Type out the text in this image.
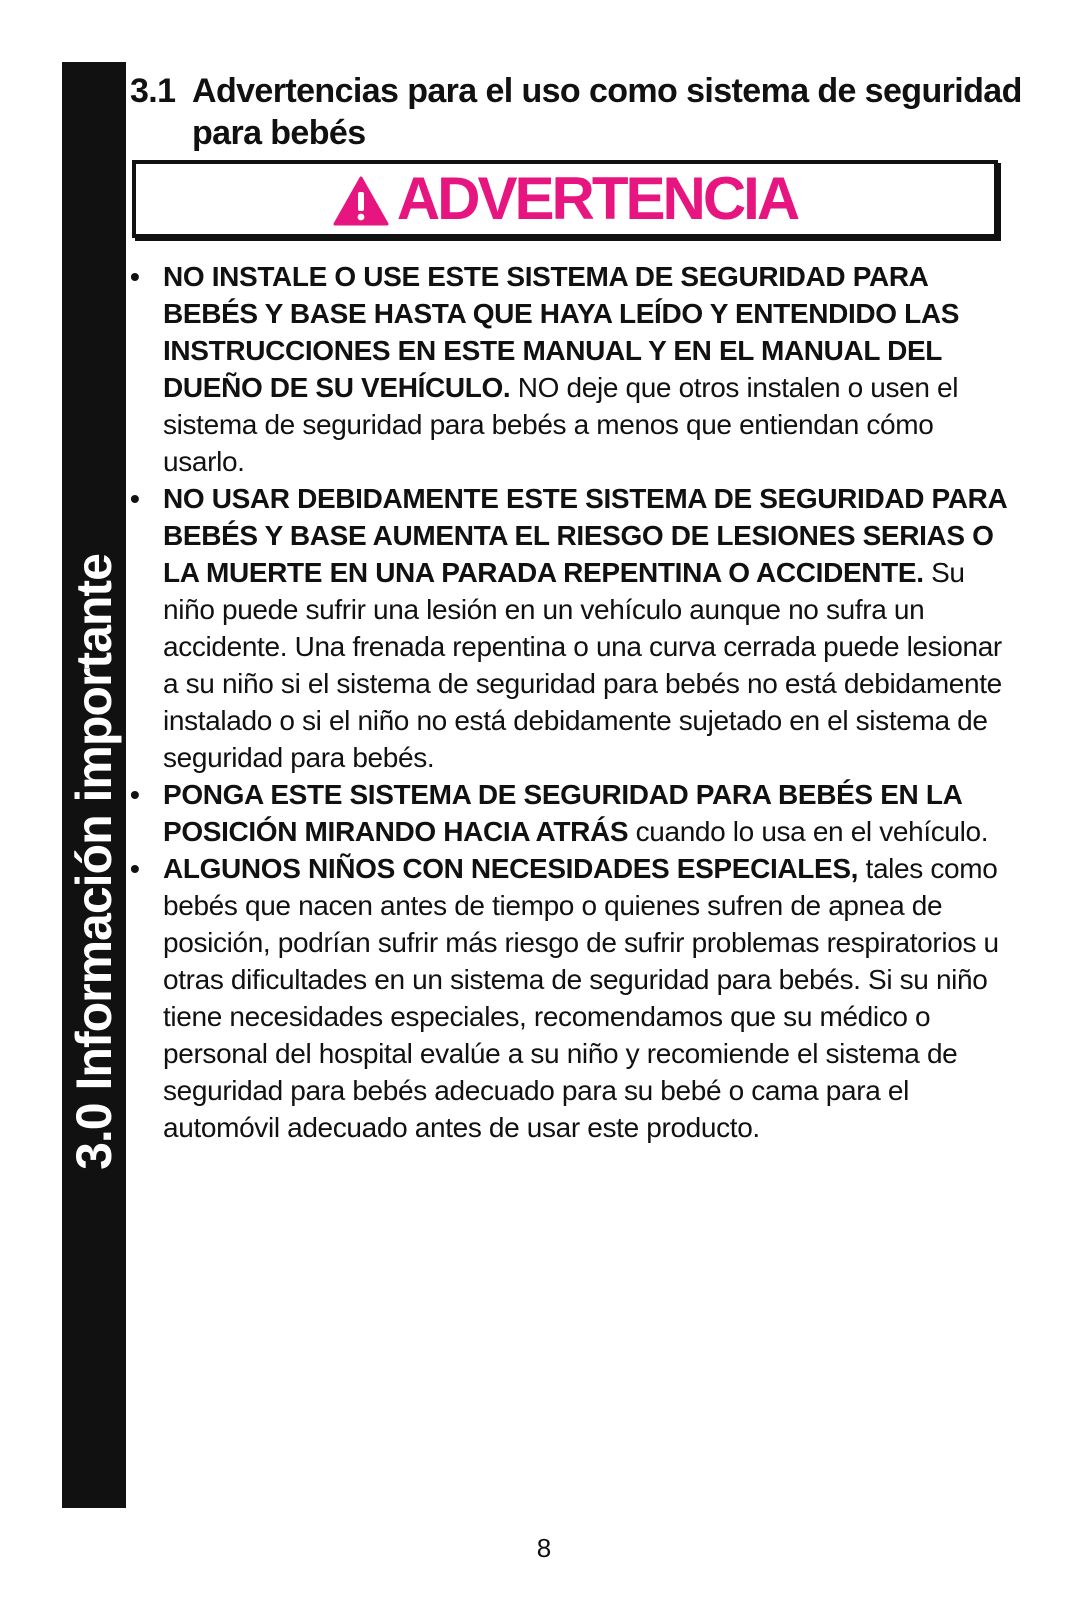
3.0 Información importante
3.1 Advertencias para el uso como sistema de seguridad para bebés
ADVERTENCIA
• NO INSTALE O USE ESTE SISTEMA DE SEGURIDAD PARA BEBÉS Y BASE HASTA QUE HAYA LEÍDO Y ENTENDIDO LAS INSTRUCCIONES EN ESTE MANUAL Y EN EL MANUAL DEL DUEÑO DE SU VEHÍCULO. NO deje que otros instalen o usen el sistema de seguridad para bebés a menos que entiendan cómo usarlo.
• NO USAR DEBIDAMENTE ESTE SISTEMA DE SEGURIDAD PARA BEBÉS Y BASE AUMENTA EL RIESGO DE LESIONES SERIAS O LA MUERTE EN UNA PARADA REPENTINA O ACCIDENTE. Su niño puede sufrir una lesión en un vehículo aunque no sufra un accidente. Una frenada repentina o una curva cerrada puede lesionar a su niño si el sistema de seguridad para bebés no está debidamente instalado o si el niño no está debidamente sujetado en el sistema de seguridad para bebés.
• PONGA ESTE SISTEMA DE SEGURIDAD PARA BEBÉS EN LA POSICIÓN MIRANDO HACIA ATRÁS cuando lo usa en el vehículo.
• ALGUNOS NIÑOS CON NECESIDADES ESPECIALES, tales como bebés que nacen antes de tiempo o quienes sufren de apnea de posición, podrían sufrir más riesgo de sufrir problemas respiratorios u otras dificultades en un sistema de seguridad para bebés. Si su niño tiene necesidades especiales, recomendamos que su médico o personal del hospital evalúe a su niño y recomiende el sistema de seguridad para bebés adecuado para su bebé o cama para el automóvil adecuado antes de usar este producto.
8
